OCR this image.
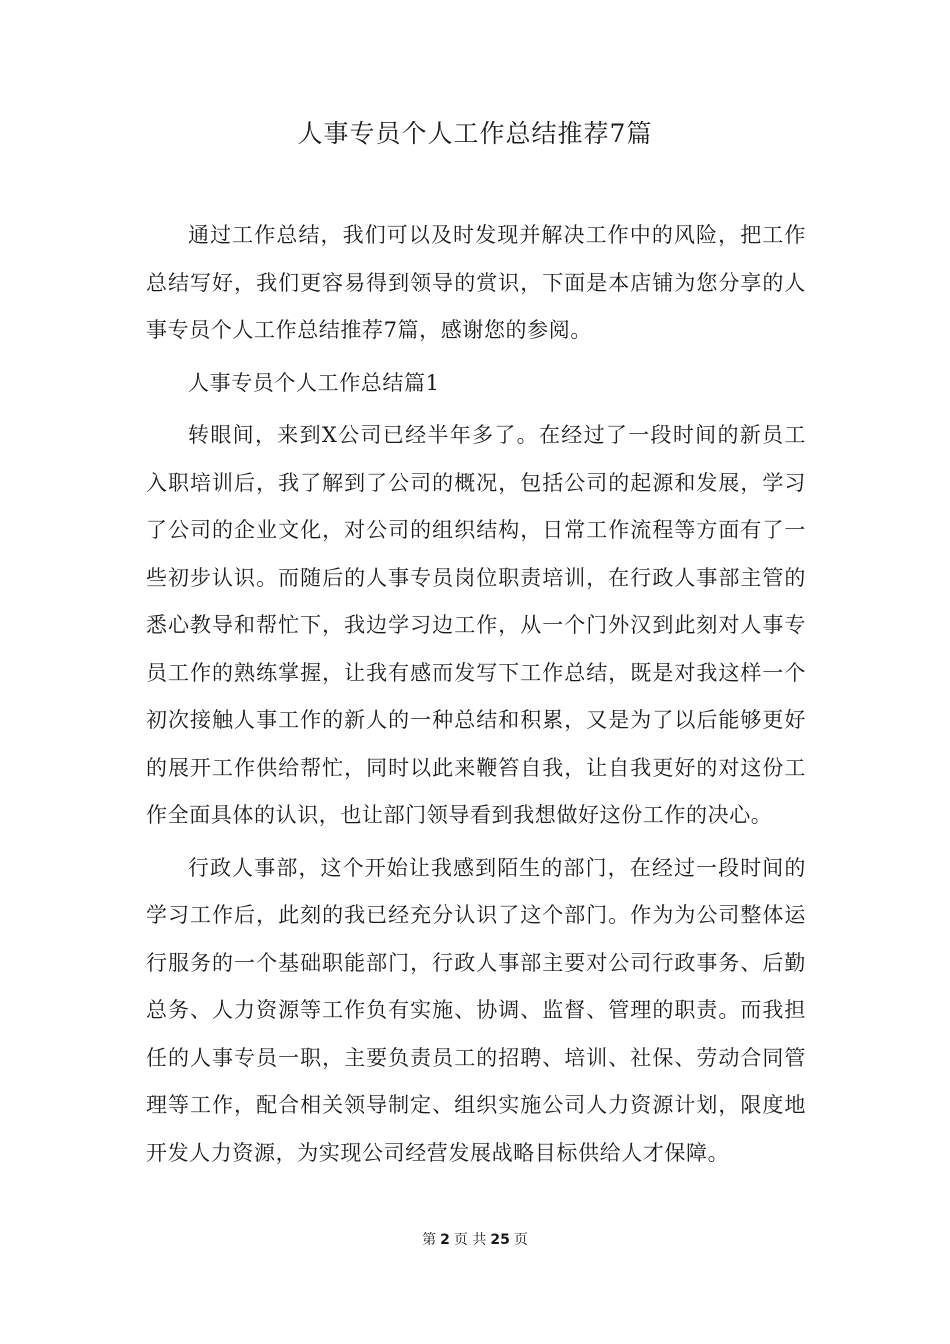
人事专员个人工作总结推荐7篇

通过工作总结，我们可以及时发现并解决工作中的风险，把工作总结写好，我们更容易得到领导的赏识，下面是本店铺为您分享的人事专员个人工作总结推荐7篇，感谢您的参阅。

人事专员个人工作总结篇1

转眼间，来到X公司已经半年多了。在经过了一段时间的新员工入职培训后，我了解到了公司的概况，包括公司的起源和发展，学习了公司的企业文化，对公司的组织结构，日常工作流程等方面有了一些初步认识。而随后的人事专员岗位职责培训，在行政人事部主管的悉心教导和帮忙下，我边学习边工作，从一个门外汉到此刻对人事专员工作的熟练掌握，让我有感而发写下工作总结，既是对我这样一个初次接触人事工作的新人的一种总结和积累，又是为了以后能够更好的展开工作供给帮忙，同时以此来鞭笞自我，让自我更好的对这份工作全面具体的认识，也让部门领导看到我想做好这份工作的决心。

行政人事部，这个开始让我感到陌生的部门，在经过一段时间的学习工作后，此刻的我已经充分认识了这个部门。作为为公司整体运行服务的一个基础职能部门，行政人事部主要对公司行政事务、后勤总务、人力资源等工作负有实施、协调、监督、管理的职责。而我担任的人事专员一职，主要负责员工的招聘、培训、社保、劳动合同管理等工作，配合相关领导制定、组织实施公司人力资源计划，限度地开发人力资源，为实现公司经营发展战略目标供给人才保障。

第 2 页 共 25 页
